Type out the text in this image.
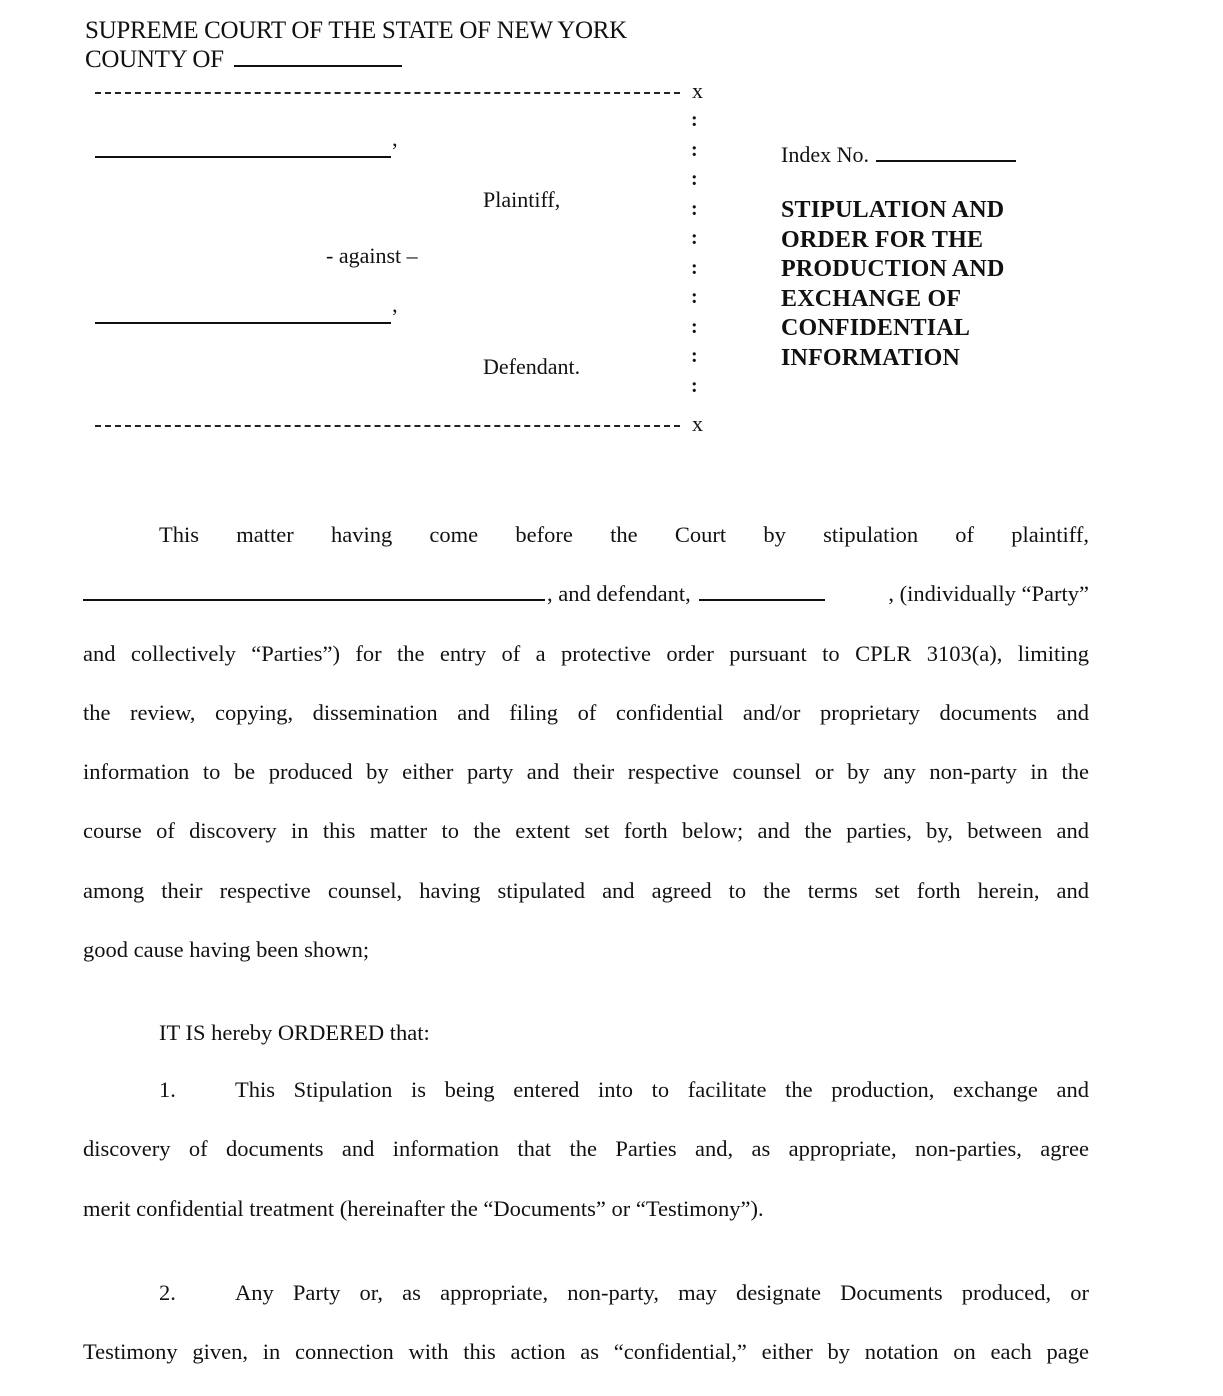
SUPREME COURT OF THE STATE OF NEW YORK
COUNTY OF
x
:
:
:
:
:
:
:
:
:
:
’
Plaintiff,
- against –
’
Defendant.
x
Index No.
STIPULATION AND
ORDER FOR THE
PRODUCTION AND
EXCHANGE OF
CONFIDENTIAL
INFORMATION
This matter having come before the Court by stipulation of plaintiff,
, and defendant,	, (individually “Party”
and collectively “Parties”) for the entry of a protective order pursuant to CPLR 3103(a), limiting
the review, copying, dissemination and filing of confidential and/or proprietary documents and
information to be produced by either party and their respective counsel or by any non-party in the
course of discovery in this matter to the extent set forth below; and the parties, by, between and
among their respective counsel, having stipulated and agreed to the terms set forth herein, and
good cause having been shown;
IT IS hereby ORDERED that:
1.	This Stipulation is being entered into to facilitate the production, exchange and
discovery of documents and information that the Parties and, as appropriate, non-parties, agree
merit confidential treatment (hereinafter the “Documents” or “Testimony”).
2.	Any Party or, as appropriate, non-party, may designate Documents produced, or
Testimony given, in connection with this action as “confidential,” either by notation on each page
